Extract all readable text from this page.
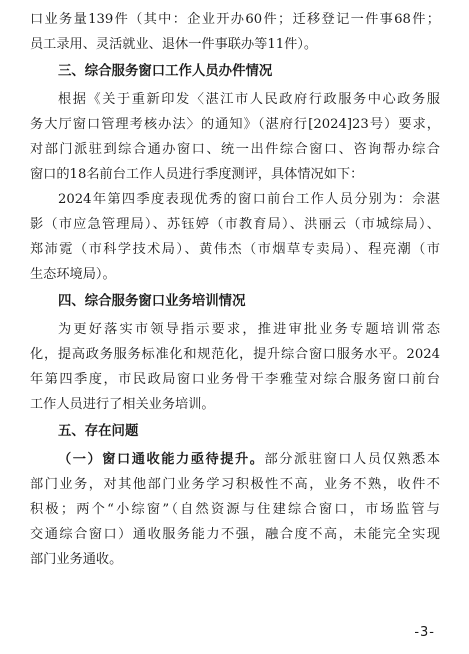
口业务量139件（其中：企业开办60件；迁移登记一件事68件；
员工录用、灵活就业、退休一件事联办等11件）。
三、综合服务窗口工作人员办件情况
根据《关于重新印发〈湛江市人民政府行政服务中心政务服
务大厅窗口管理考核办法〉的通知》（湛府行[2024]23号）要求，
对部门派驻到综合通办窗口、统一出件综合窗口、咨询帮办综合
窗口的18名前台工作人员进行季度测评，具体情况如下：
2024年第四季度表现优秀的窗口前台工作人员分别为：佘湛
影（市应急管理局）、苏钰婷（市教育局）、洪丽云（市城综局）、
郑沛霓（市科学技术局）、黄伟杰（市烟草专卖局）、程亮潮（市
生态环境局）。
四、综合服务窗口业务培训情况
为更好落实市领导指示要求，推进审批业务专题培训常态
化，提高政务服务标准化和规范化，提升综合窗口服务水平。2024
年第四季度，市民政局窗口业务骨干李雅莹对综合服务窗口前台
工作人员进行了相关业务培训。
五、存在问题
（一）窗口通收能力亟待提升。部分派驻窗口人员仅熟悉本
部门业务，对其他部门业务学习积极性不高，业务不熟，收件不
积极；两个“小综窗”（自然资源与住建综合窗口，市场监管与
交通综合窗口）通收服务能力不强，融合度不高，未能完全实现
部门业务通收。
-3-
